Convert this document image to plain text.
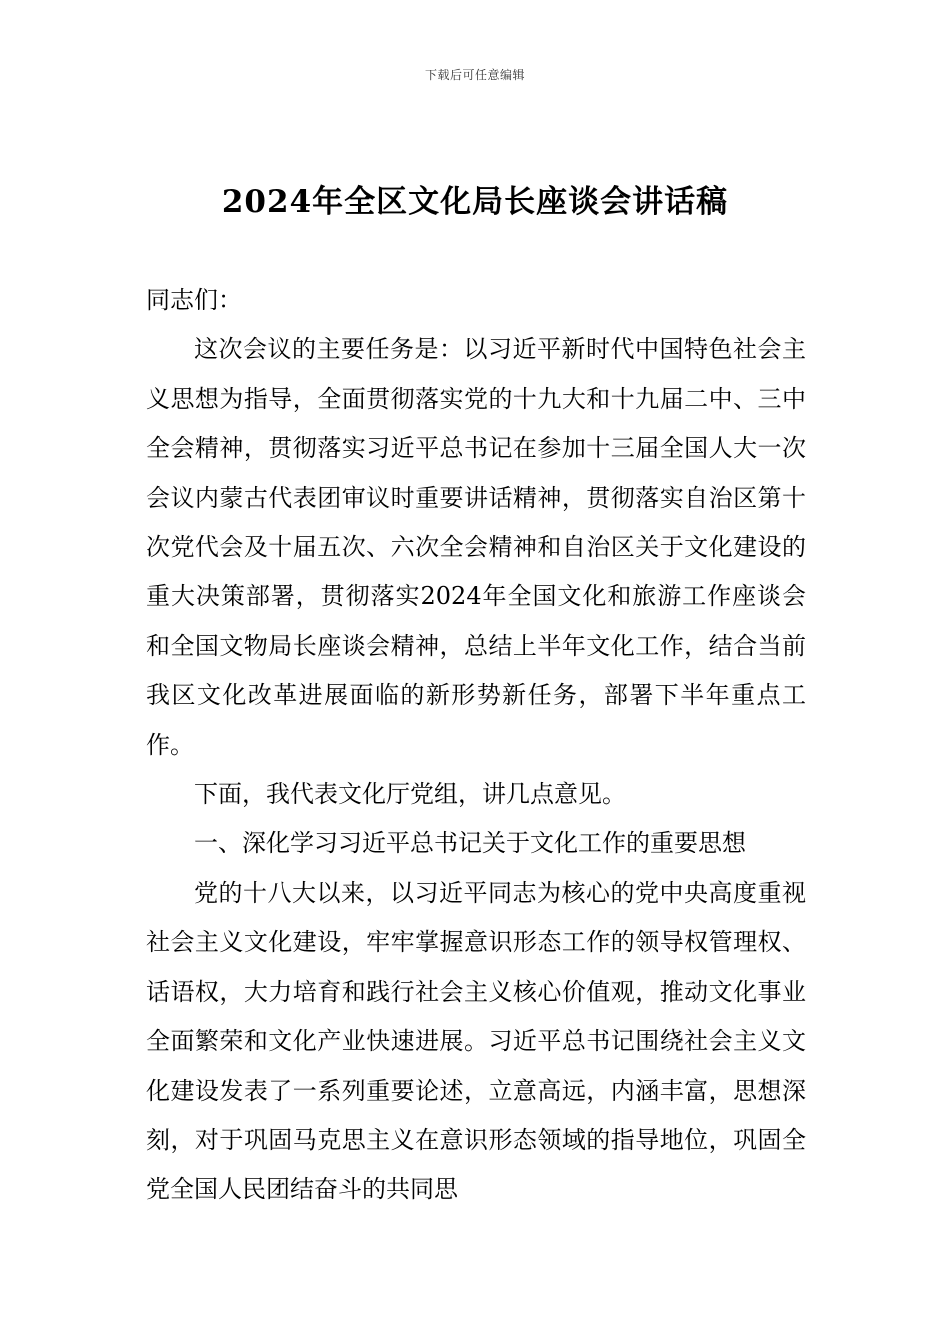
下载后可任意编辑
2024年全区文化局长座谈会讲话稿

同志们：

这次会议的主要任务是：以习近平新时代中国特色社会主义思想为指导，全面贯彻落实党的十九大和十九届二中、三中全会精神，贯彻落实习近平总书记在参加十三届全国人大一次会议内蒙古代表团审议时重要讲话精神，贯彻落实自治区第十次党代会及十届五次、六次全会精神和自治区关于文化建设的重大决策部署，贯彻落实2024年全国文化和旅游工作座谈会和全国文物局长座谈会精神，总结上半年文化工作，结合当前我区文化改革进展面临的新形势新任务，部署下半年重点工作。

下面，我代表文化厅党组，讲几点意见。

一、深化学习习近平总书记关于文化工作的重要思想

党的十八大以来，以习近平同志为核心的党中央高度重视社会主义文化建设，牢牢掌握意识形态工作的领导权管理权、话语权，大力培育和践行社会主义核心价值观，推动文化事业全面繁荣和文化产业快速进展。习近平总书记围绕社会主义文化建设发表了一系列重要论述，立意高远，内涵丰富，思想深刻，对于巩固马克思主义在意识形态领域的指导地位，巩固全党全国人民团结奋斗的共同思
